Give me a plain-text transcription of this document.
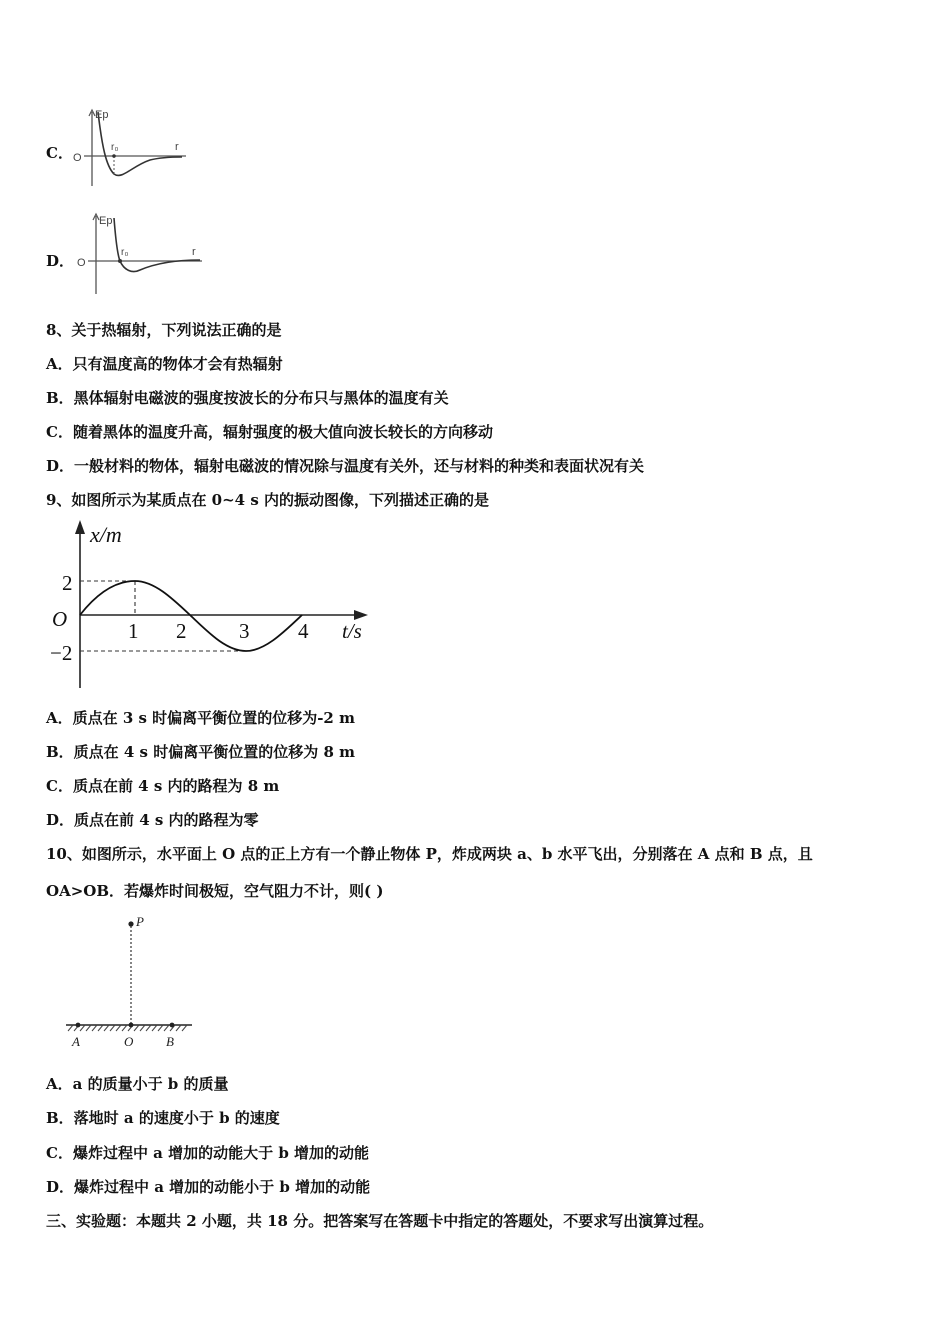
C．
Ep
O
r₀	r
D．
Ep
O
r₀	r
8、关于热辐射，下列说法正确的是
A．只有温度高的物体才会有热辐射
B．黑体辐射电磁波的强度按波长的分布只与黑体的温度有关
C．随着黑体的温度升高，辐射强度的极大值向波长较长的方向移动
D．一般材料的物体，辐射电磁波的情况除与温度有关外，还与材料的种类和表面状况有关
9、如图所示为某质点在 0~4 s 内的振动图像，下列描述正确的是
x/m
2
O
−2
1 2	3 4 t/s
A．质点在 3 s 时偏离平衡位置的位移为-2 m
B．质点在 4 s 时偏离平衡位置的位移为 8 m
C．质点在前 4 s 内的路程为 8 m
D．质点在前 4 s 内的路程为零
10、如图所示，水平面上 O 点的正上方有一个静止物体 P，炸成两块 a、b 水平飞出，分别落在 A 点和 B 点，且
OA>OB．若爆炸时间极短，空气阻力不计，则( )
P
A	O	B
A．a 的质量小于 b 的质量
B．落地时 a 的速度小于 b 的速度
C．爆炸过程中 a 增加的动能大于 b 增加的动能
D．爆炸过程中 a 增加的动能小于 b 增加的动能
三、实验题：本题共 2 小题，共 18 分。把答案写在答题卡中指定的答题处，不要求写出演算过程。
